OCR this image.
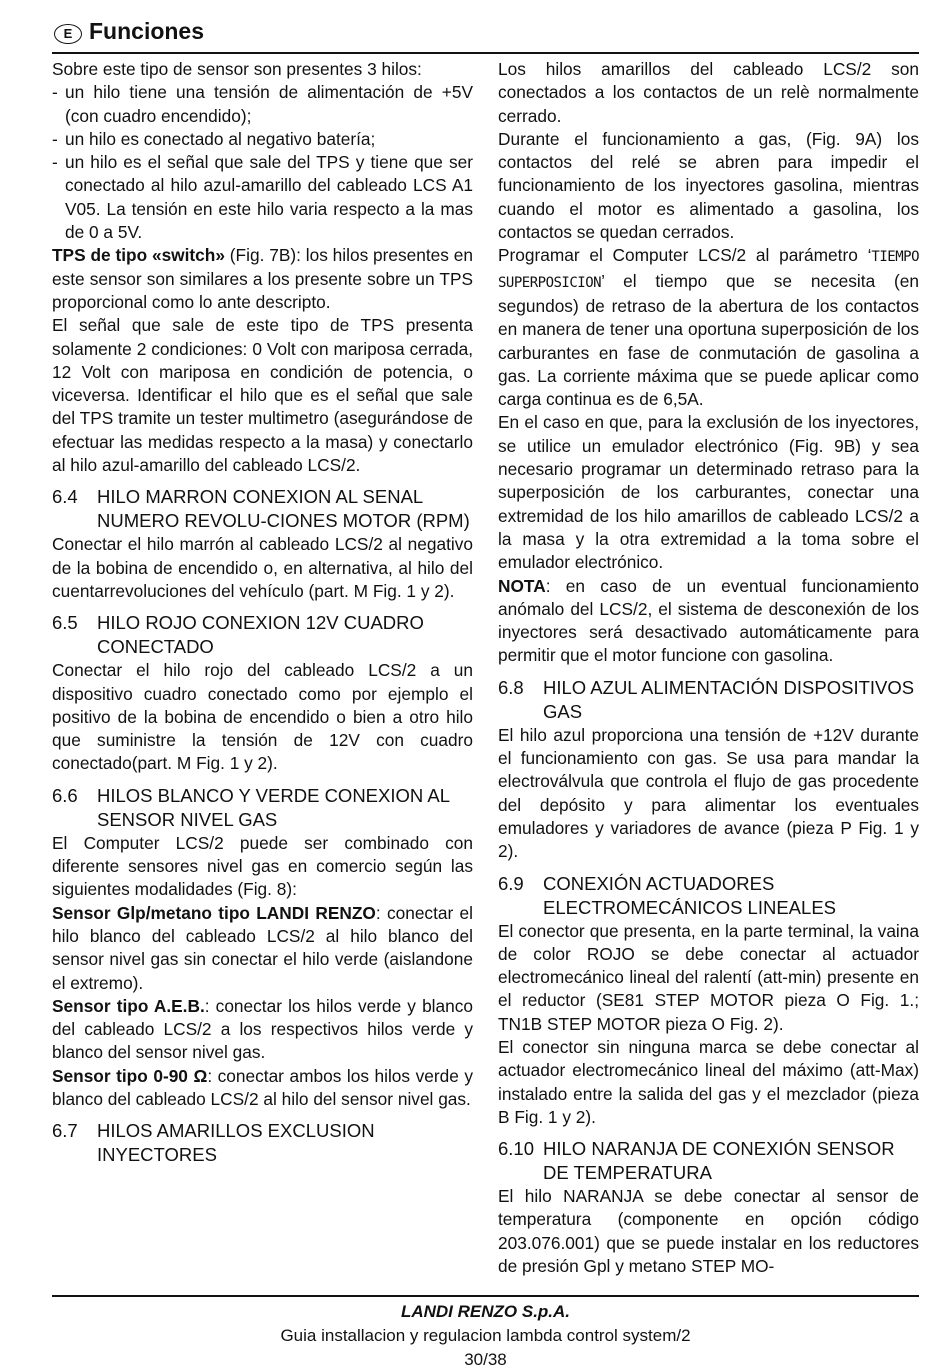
E Funciones

Sobre este tipo de sensor son presentes 3 hilos:

- un hilo tiene una tensión de alimentación de +5V (con cuadro encendido);
- un hilo es conectado al negativo batería;
- un hilo es el señal que sale del TPS y tiene que ser conectado al hilo azul-amarillo del cableado LCS A1 V05. La tensión en este hilo varia respecto a la mas de 0 a 5V.

TPS de tipo «switch» (Fig. 7B): los hilos presentes en este sensor son similares a los presente sobre un TPS proporcional como lo ante descripto.

El señal que sale de este tipo de TPS presenta solamente 2 condiciones: 0 Volt con mariposa cerrada, 12 Volt con mariposa en condición de potencia, o viceversa. Identificar el hilo que es el señal que sale del TPS tramite un tester multimetro (asegurándose de efectuar las medidas respecto a la masa) y conectarlo al hilo azul-amarillo del cableado LCS/2.

6.4 HILO MARRON CONEXION AL SENAL NUMERO REVOLU-CIONES MOTOR (RPM)

Conectar el hilo marrón al cableado LCS/2 al negativo de la bobina de encendido o, en alternativa, al hilo del cuentarrevoluciones del vehículo (part. M Fig. 1 y 2).

6.5 HILO ROJO CONEXION 12V CUADRO CONECTADO

Conectar el hilo rojo del cableado LCS/2 a un dispositivo cuadro conectado como por ejemplo el positivo de la bobina de encendido o bien a otro hilo que suministre la tensión de 12V con cuadro conectado(part. M Fig. 1 y 2).

6.6 HILOS BLANCO Y VERDE CONEXION AL SENSOR NIVEL GAS

El Computer LCS/2 puede ser combinado con diferente sensores nivel gas en comercio según las siguientes modalidades (Fig. 8):

Sensor Glp/metano tipo LANDI RENZO: conectar el hilo blanco del cableado LCS/2 al hilo blanco del sensor nivel gas sin conectar el hilo verde (aislandone el extremo).

Sensor tipo A.E.B.: conectar los hilos verde y blanco del cableado LCS/2 a los respectivos hilos verde y blanco del sensor nivel gas.

Sensor tipo 0-90 Ω: conectar ambos los hilos verde y blanco del cableado LCS/2 al hilo del sensor nivel gas.

6.7 HILOS AMARILLOS EXCLUSION INYECTORES

Los hilos amarillos del cableado LCS/2 son conectados a los contactos de un relè normalmente cerrado.

Durante el funcionamiento a gas, (Fig. 9A) los contactos del relé se abren para impedir el funcionamiento de los inyectores gasolina, mientras cuando el motor es alimentado a gasolina, los contactos se quedan cerrados.

Programar el Computer LCS/2 al parámetro ‘TIEMPO SUPERPOSICION’ el tiempo que se necesita (en segundos) de retraso de la abertura de los contactos en manera de tener una oportuna superposición de los carburantes en fase de conmutación de gasolina a gas. La corriente máxima que se puede aplicar como carga continua es de 6,5A.

En el caso en que, para la exclusión de los inyectores, se utilice un emulador electrónico (Fig. 9B) y sea necesario programar un determinado retraso para la superposición de los carburantes, conectar una extremidad de los hilo amarillos de cableado LCS/2 a la masa y la otra extremidad a la toma sobre el emulador electrónico.

NOTA: en caso de un eventual funcionamiento anómalo del LCS/2, el sistema de desconexión de los inyectores será desactivado automáticamente para permitir que el motor funcione con gasolina.

6.8 HILO AZUL ALIMENTACIÓN DISPOSITIVOS GAS

El hilo azul proporciona una tensión de +12V durante el funcionamiento con gas. Se usa para mandar la electroválvula que controla el flujo de gas procedente del depósito y para alimentar los eventuales emuladores y variadores de avance (pieza P Fig. 1 y 2).

6.9 CONEXIÓN ACTUADORES ELECTROMECÁNICOS LINEALES

El conector que presenta, en la parte terminal, la vaina de color ROJO se debe conectar al actuador electromecánico lineal del ralentí (att-min) presente en el reductor (SE81 STEP MOTOR pieza O Fig. 1.; TN1B STEP MOTOR pieza O Fig. 2).

El conector sin ninguna marca se debe conectar al actuador electromecánico lineal del máximo (att-Max) instalado entre la salida del gas y el mezclador (pieza B Fig. 1 y 2).

6.10 HILO NARANJA DE CONEXIÓN SENSOR DE TEMPERATURA

El hilo NARANJA se debe conectar al sensor de temperatura (componente en opción código 203.076.001) que se puede instalar en los reductores de presión Gpl y metano STEP MO-

LANDI RENZO S.p.A.
Guia installacion y regulacion lambda control system/2
30/38
